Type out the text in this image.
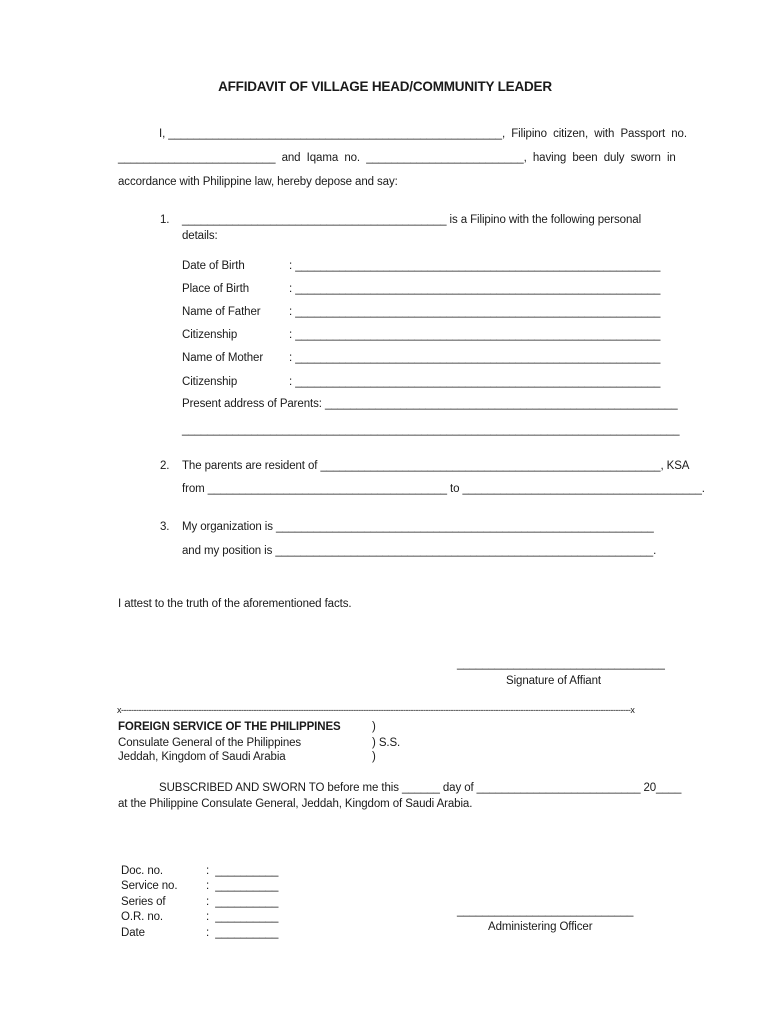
AFFIDAVIT OF VILLAGE HEAD/COMMUNITY LEADER
I, _____________________________________________________,  Filipino  citizen,  with  Passport  no.
_________________________  and  Iqama  no.  _________________________,  having  been  duly  sworn  in
accordance with Philippine law, hereby depose and say:
1. __________________________________________ is a Filipino with the following personal
details:
Date of Birth	: __________________________________________________________
Place of Birth	: __________________________________________________________
Name of Father : __________________________________________________________
Citizenship	: __________________________________________________________
Name of Mother : __________________________________________________________
Citizenship	: __________________________________________________________
Present address of Parents: ________________________________________________________
_______________________________________________________________________________
2. The parents are resident of ______________________________________________________, KSA
from ______________________________________ to ______________________________________.
3. My organization is ____________________________________________________________
and my position is ____________________________________________________________.
I attest to the truth of the aforementioned facts.
_________________________________
Signature of Affiant
x------------------------------------------------------------------------------------------------------------------------------------------------------------------------------------------------------------x
FOREIGN SERVICE OF THE PHILIPPINES
Consulate General of the Philippines
Jeddah, Kingdom of Saudi Arabia
)
) S.S.
)
SUBSCRIBED AND SWORN TO before me this ______ day of __________________________ 20____
at the Philippine Consulate General, Jeddah, Kingdom of Saudi Arabia.
Doc. no.	:  __________
Service no. :  __________
Series of	:  __________
O.R. no.	:  __________
Date	:  __________
____________________________
Administering Officer
